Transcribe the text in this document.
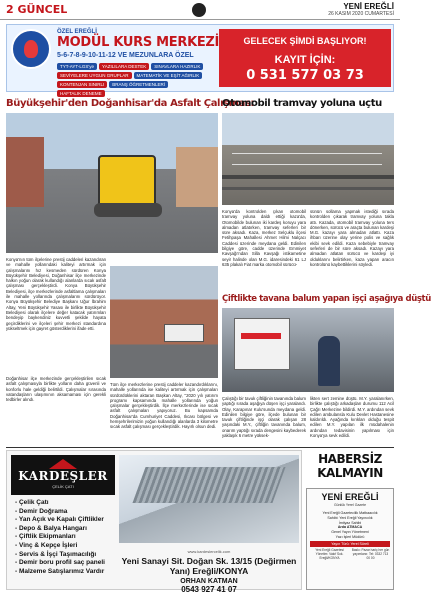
2 GÜNCEL	YENİ EREĞLİ
26 KASIM 2020 CUMARTESİ
ÖZEL EREĞLİ
MODÜL KURS MERKEZİ
5-6-7-8-9-10-11-12 VE MEZUNLARA ÖZEL
TYT-AYT-LGS'ye	YAZILILARA DESTEK	SINAVLARA HAZIRLIK
SEVİYELERE UYGUN GRUPLAR	MATEMATİK VE EŞİT AĞIRLIK
KONTENJAN SINIRLI	BRANŞ ÖĞRETMENLERİ
HAFTALIK DENEME
GELECEK ŞİMDİ BAŞLIYOR!
KAYIT İÇİN:
0 531 577 03 73
Büyükşehir'den Doğanhisar'da Asfalt Çalışması
Konya'nın tüm ilçelerine prestij caddeleri kazandıran ve mahalle yollarındaki kaliteyi artırmak için çalışmalarını hız kesmeden sürdüren Konya Büyükşehir Belediyesi, Doğanhisar ilçe merkezinde halkın yoğun olarak kullandığı alanlarda sıcak asfalt çalışması gerçekleştirdi. Konya Büyükşehir Belediyesi, ilçe merkezlerinde asfaltlama çalışmaları ile mahalle yollarında çalışmalarını sürdürüyor. Konya Büyükşehir Belediye Başkanı Uğur İbrahim Altay, Yeni Büyükşehir Yasası ile birlikte Büyükşehir Belediyesi olarak ilçelere değer katacak yatırımları bendeyip baykendiniz kuvvetli şekilde hayata geçirdiklerini ve ilçeleri şehir merkezi standardına yükseltmek için gayret gösterdiklerini ifade etti.
Tüm ilçe merkezlerine prestij caddeler kazandırdıklarını, mahalle yollarında ise kaliteyi artırmak için çalışmaları sürdürdüklerini aktaran Başkan Altay, "2020 yılı yatırım programı kapsamında mahalle yollarında yoğun çalışmalar gerçekleştirdik. İlçe merkezlerinde ise sıcak asfalt çalışmaları yapıyoruz. Bu kapsamda Doğanhisar'da Cumhuriyet Caddesi, Ilıcası bölgesi ve hemşehrilerimizin yoğun kullandığı alanlarda 3 kilometre sıcak asfalt çalışması gerçekleştirdik. Hayırlı olsun dedi.
Doğanhisar ilçe merkezinde gerçekleştirilen sıcak asfalt çalışmasıyla birlikte yolların daha güvenli ve konforlu hale geldiği belirtildi. Çalışmalar sırasında vatandaşların ulaşımının aksamaması için gerekli tedbirler alındı.
Otomobil tramvay yoluna uçtu
Konya'da kontrolden çıkan otomobil tramvay yoluna daldı ettiği kaza'da, Otomobilde bulunan iki kardeş koruyu yara almadan atlatırken, tramvay seferleri bir süre aksadı. Kaza, merkez Selçuklu ilçesi Fetihpaşa Mahallesi Ahmet Hilmi Nalçacı Caddesi üzerinde meydana geldi. Edinilen bilgiye göre, cadde üzerinde Emmiyet Kavşağı'ndan Silla Kavşağı istikametine seyir halinde olan M.G. idaresindeki 61 LJ 635 plakalı Fiat marka otomobil sürücü-
sünün sollama yapmak istediği sırada kontrolden çıkarak tramvay yoluna takla attı. Kazada, otomobil tramvay yoluna ters dönerken, sürücü ve araçta bulunan kardeşi M.G. kazayı yara almadan atlattı. Kaza ihbarı üzerine olay yerine polis ve sağlık ekibi sevk edildi. Kaza sebebiyle tramvay seferleri de bir süre aksadı. Kazayı yara almadan atlatan sürücü ve kardeşi iyi olduklarını belirtirken, kaza yapan aracın kontrolünü kaybettiklerini söyledi.
Çiftlikte tavana balum yapan işçi aşağıya düştü
Çalıştığı bir tavuk çiftliğinin tavanında balum yaptığı sırada aşağıya düşen işçi yaralandı. Olay, Karapınar Kulu'sunda meydana geldi. Edinilen bilgiye göre, ilçede bulunan bir tavuk çiftliğinde işçi olarak çalışan 28 yaşındaki M.Y., çiftliğin tavanında balum, onarım yaptığı sırada dengesini kaybederek yaklaşık 6 metre yüksek-
likten sert zemine düştü. M.Y. yaralanırken, birlikte çalıştığı arkadaşları durumu 112 Acil Çağrı Merkezine bildirdi. M.Y. ardından sevk edilen ambulansla Kulu Devlet Hastanesine kaldırıldı. Ayağında kırıkları olduğu tespit edilen M.Y. yapılan ilk müdahalenin ardından tedavisinin yapılması için Konya'ya sevk edildi.
KARDEŞLER
ÇELİK ÇATI
- Çelik Çatı
- Demir Doğrama
- Yan Açık ve Kapalı Çiftlikler
- Depo & Balya Hangarı
- Çiftlik Ekipmanları
- Vinç & Kepçe İşleri
- Servis & İşçi Taşımacılığı
- Demir boru profil saç paneli
- Malzeme Satışlarımız Vardır
www.kardeslercelik.com
Yeni Sanayi Sit. Doğan Sk. 13/15 (Değirmen Yanı) Ereğli/KONYA
ORHAN KATMAN
0543 927 41 07
HABERSİZ
KALMAYIN
YENİ EREĞLİ
Günlük Yerel Gazete
Yeni Ereğli Gazetecilik Matbaacılık
Sahibi: Yeni Ereğli Yayıncılık
İmtiyaz Sahibi
Arda ATMACA
Genel Yayın Yönetmeni
Yazı İşleri Müdürü
Yayın Türü: Yerel Süreli
Yeni Ereğli Gazetesi Yönetim: Vakıf Sok. Ereğli/KONYA
Baskı: Pazar hariç her gün yayımlanır. Tel: 0332 713 00 00
